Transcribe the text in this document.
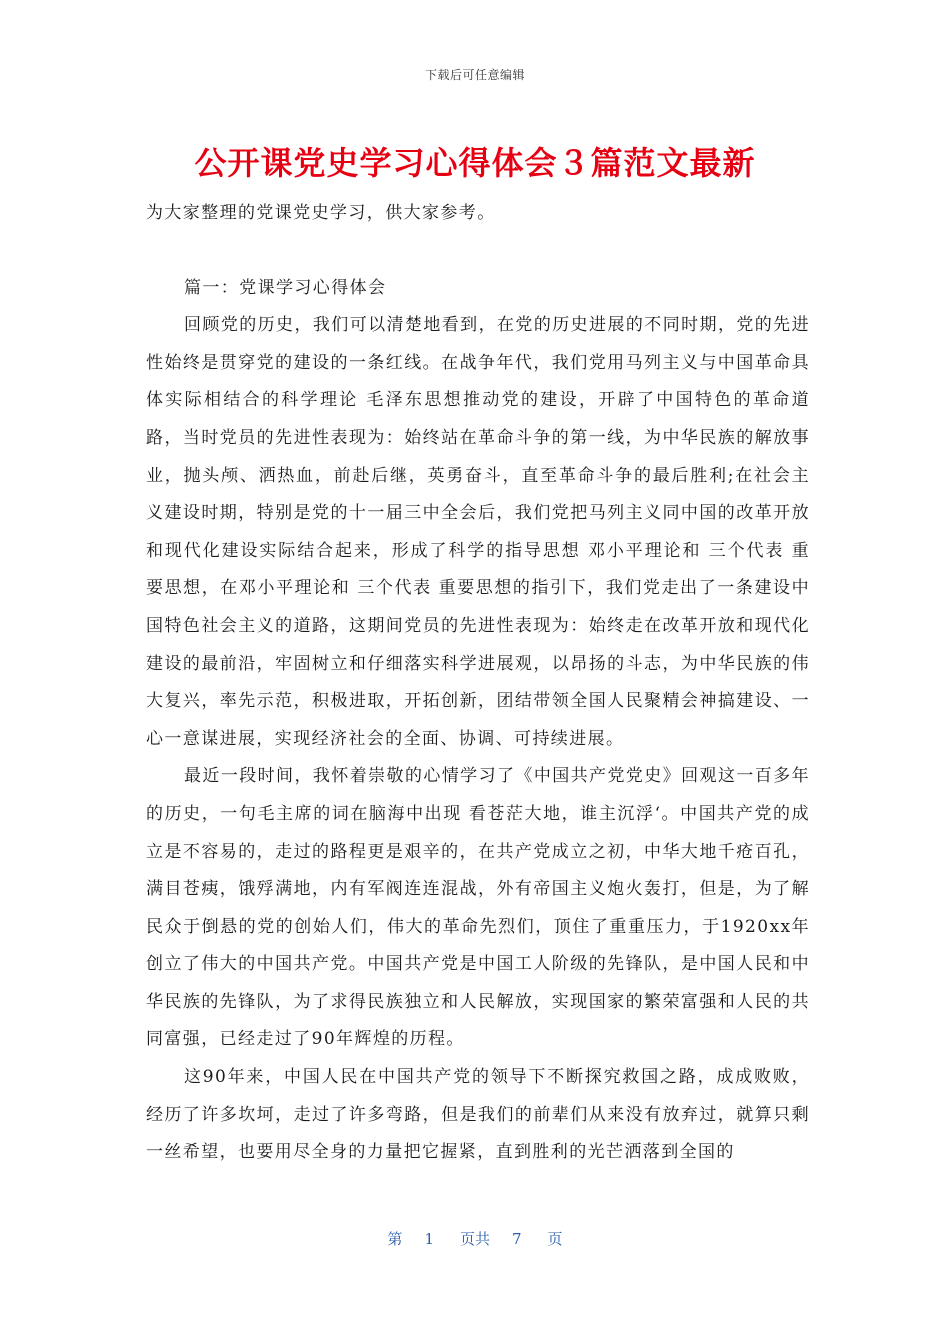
下载后可任意编辑
公开课党史学习心得体会３篇范文最新

为大家整理的党课党史学习，供大家参考。

篇一：党课学习心得体会

回顾党的历史，我们可以清楚地看到，在党的历史进展的不同时期，党的先进性始终是贯穿党的建设的一条红线。在战争年代，我们党用马列主义与中国革命具体实际相结合的科学理论 毛泽东思想推动党的建设，开辟了中国特色的革命道路，当时党员的先进性表现为：始终站在革命斗争的第一线，为中华民族的解放事业，抛头颅、洒热血，前赴后继，英勇奋斗，直至革命斗争的最后胜利;在社会主义建设时期，特别是党的十一届三中全会后，我们党把马列主义同中国的改革开放和现代化建设实际结合起来，形成了科学的指导思想 邓小平理论和 三个代表 重要思想，在邓小平理论和 三个代表 重要思想的指引下，我们党走出了一条建设中国特色社会主义的道路，这期间党员的先进性表现为：始终走在改革开放和现代化建设的最前沿，牢固树立和仔细落实科学进展观，以昂扬的斗志，为中华民族的伟大复兴，率先示范，积极进取，开拓创新，团结带领全国人民聚精会神搞建设、一心一意谋进展，实现经济社会的全面、协调、可持续进展。

最近一段时间，我怀着崇敬的心情学习了《中国共产党党史》回观这一百多年的历史，一句毛主席的词在脑海中出现 看苍茫大地，谁主沉浮‘。中国共产党的成立是不容易的，走过的路程更是艰辛的，在共产党成立之初，中华大地千疮百孔，满目苍痍，饿殍满地，内有军阀连连混战，外有帝国主义炮火轰打，但是，为了解民众于倒悬的党的创始人们，伟大的革命先烈们，顶住了重重压力，于1920xx年创立了伟大的中国共产党。中国共产党是中国工人阶级的先锋队，是中国人民和中华民族的先锋队，为了求得民族独立和人民解放，实现国家的繁荣富强和人民的共同富强，已经走过了90年辉煌的历程。

这90年来，中国人民在中国共产党的领导下不断探究救国之路，成成败败，经历了许多坎坷，走过了许多弯路，但是我们的前辈们从来没有放弃过，就算只剩一丝希望，也要用尽全身的力量把它握紧，直到胜利的光芒洒落到全国的

第 1 页共 7 页
